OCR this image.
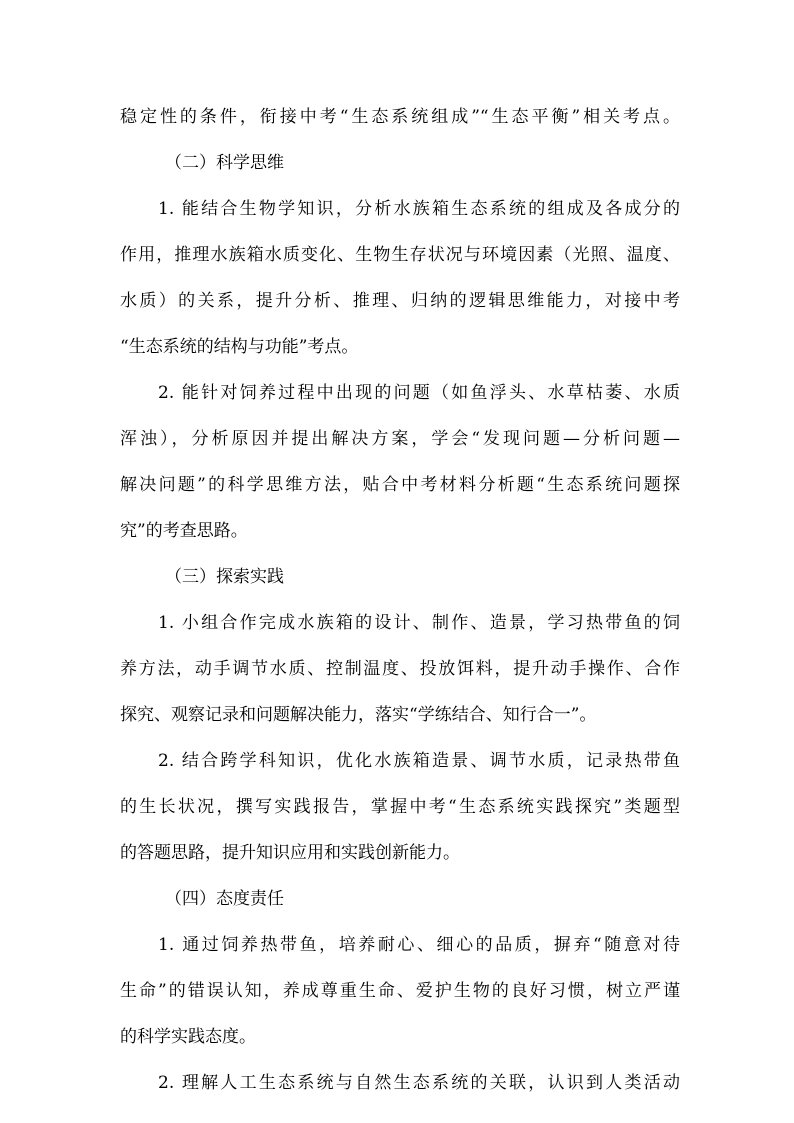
稳定性的条件，衔接中考“生态系统组成”“生态平衡”相关考点。

（二）科学思维

1. 能结合生物学知识，分析水族箱生态系统的组成及各成分的

作用，推理水族箱水质变化、生物生存状况与环境因素（光照、温度、

水质）的关系，提升分析、推理、归纳的逻辑思维能力，对接中考

“生态系统的结构与功能”考点。

2. 能针对饲养过程中出现的问题（如鱼浮头、水草枯萎、水质

浑浊），分析原因并提出解决方案，学会“发现问题—分析问题—

解决问题”的科学思维方法，贴合中考材料分析题“生态系统问题探

究”的考查思路。

（三）探索实践

1. 小组合作完成水族箱的设计、制作、造景，学习热带鱼的饲

养方法，动手调节水质、控制温度、投放饵料，提升动手操作、合作

探究、观察记录和问题解决能力，落实“学练结合、知行合一”。

2. 结合跨学科知识，优化水族箱造景、调节水质，记录热带鱼

的生长状况，撰写实践报告，掌握中考“生态系统实践探究”类题型

的答题思路，提升知识应用和实践创新能力。

（四）态度责任

1. 通过饲养热带鱼，培养耐心、细心的品质，摒弃“随意对待

生命”的错误认知，养成尊重生命、爱护生物的良好习惯，树立严谨

的科学实践态度。

2. 理解人工生态系统与自然生态系统的关联，认识到人类活动
